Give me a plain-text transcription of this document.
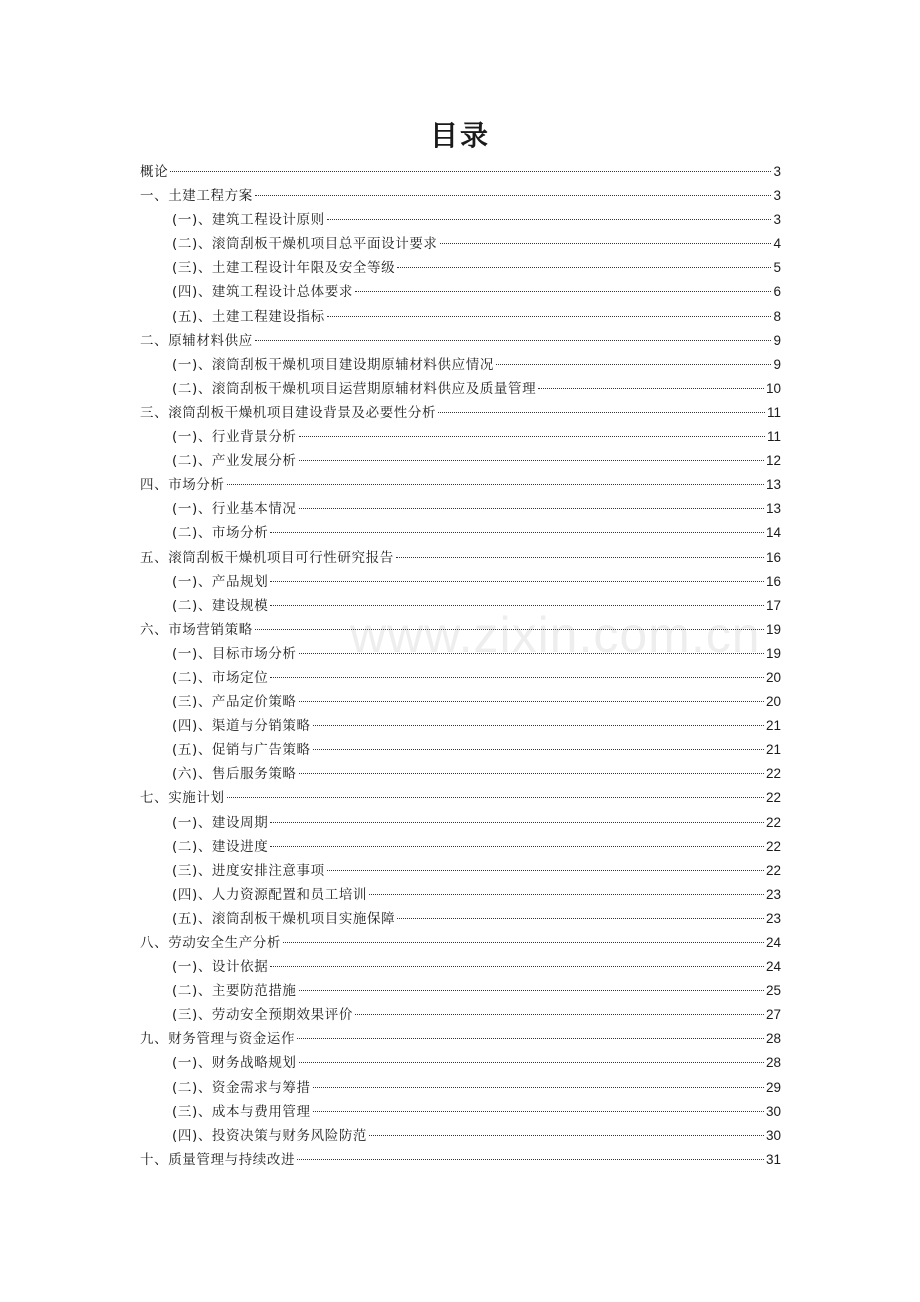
目录
概论	3
一、土建工程方案	3
(一)、建筑工程设计原则	3
(二)、滚筒刮板干燥机项目总平面设计要求	4
(三)、土建工程设计年限及安全等级	5
(四)、建筑工程设计总体要求	6
(五)、土建工程建设指标	8
二、原辅材料供应	9
(一)、滚筒刮板干燥机项目建设期原辅材料供应情况	9
(二)、滚筒刮板干燥机项目运营期原辅材料供应及质量管理	10
三、滚筒刮板干燥机项目建设背景及必要性分析	11
(一)、行业背景分析	11
(二)、产业发展分析	12
四、市场分析	13
(一)、行业基本情况	13
(二)、市场分析	14
五、滚筒刮板干燥机项目可行性研究报告	16
(一)、产品规划	16
(二)、建设规模	17
六、市场营销策略	19
(一)、目标市场分析	19
(二)、市场定位	20
(三)、产品定价策略	20
(四)、渠道与分销策略	21
(五)、促销与广告策略	21
(六)、售后服务策略	22
七、实施计划	22
(一)、建设周期	22
(二)、建设进度	22
(三)、进度安排注意事项	22
(四)、人力资源配置和员工培训	23
(五)、滚筒刮板干燥机项目实施保障	23
八、劳动安全生产分析	24
(一)、设计依据	24
(二)、主要防范措施	25
(三)、劳动安全预期效果评价	27
九、财务管理与资金运作	28
(一)、财务战略规划	28
(二)、资金需求与筹措	29
(三)、成本与费用管理	30
(四)、投资决策与财务风险防范	30
十、质量管理与持续改进	31
www.zixin.com.cn
